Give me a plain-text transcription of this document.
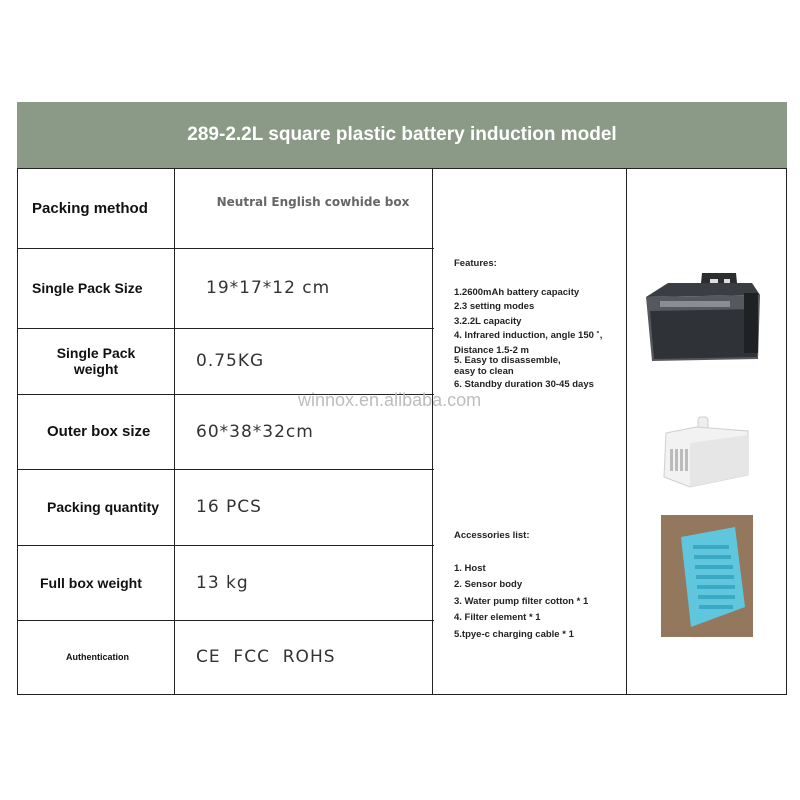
289-2.2L square plastic battery induction model
Packing method	Neutral English cowhide box
Single Pack Size	19*17*12 cm
Single Pack weight	0.75KG
Outer box size	60*38*32cm
Packing quantity 16 PCS
Full box weight	13 kg
Authentication	CE  FCC  ROHS
Features:
1.2600mAh battery capacity
2.3 setting modes
3.2.2L capacity
4. Infrared induction, angle 150 ˚,
Distance 1.5-2 m
5. Easy to disassemble,
easy to clean
6. Standby duration 30-45 days
Accessories list:
1. Host
2. Sensor body
3. Water pump filter cotton * 1
4. Filter element * 1
5.tpye-c charging cable * 1
winnox.en.alibaba.com
